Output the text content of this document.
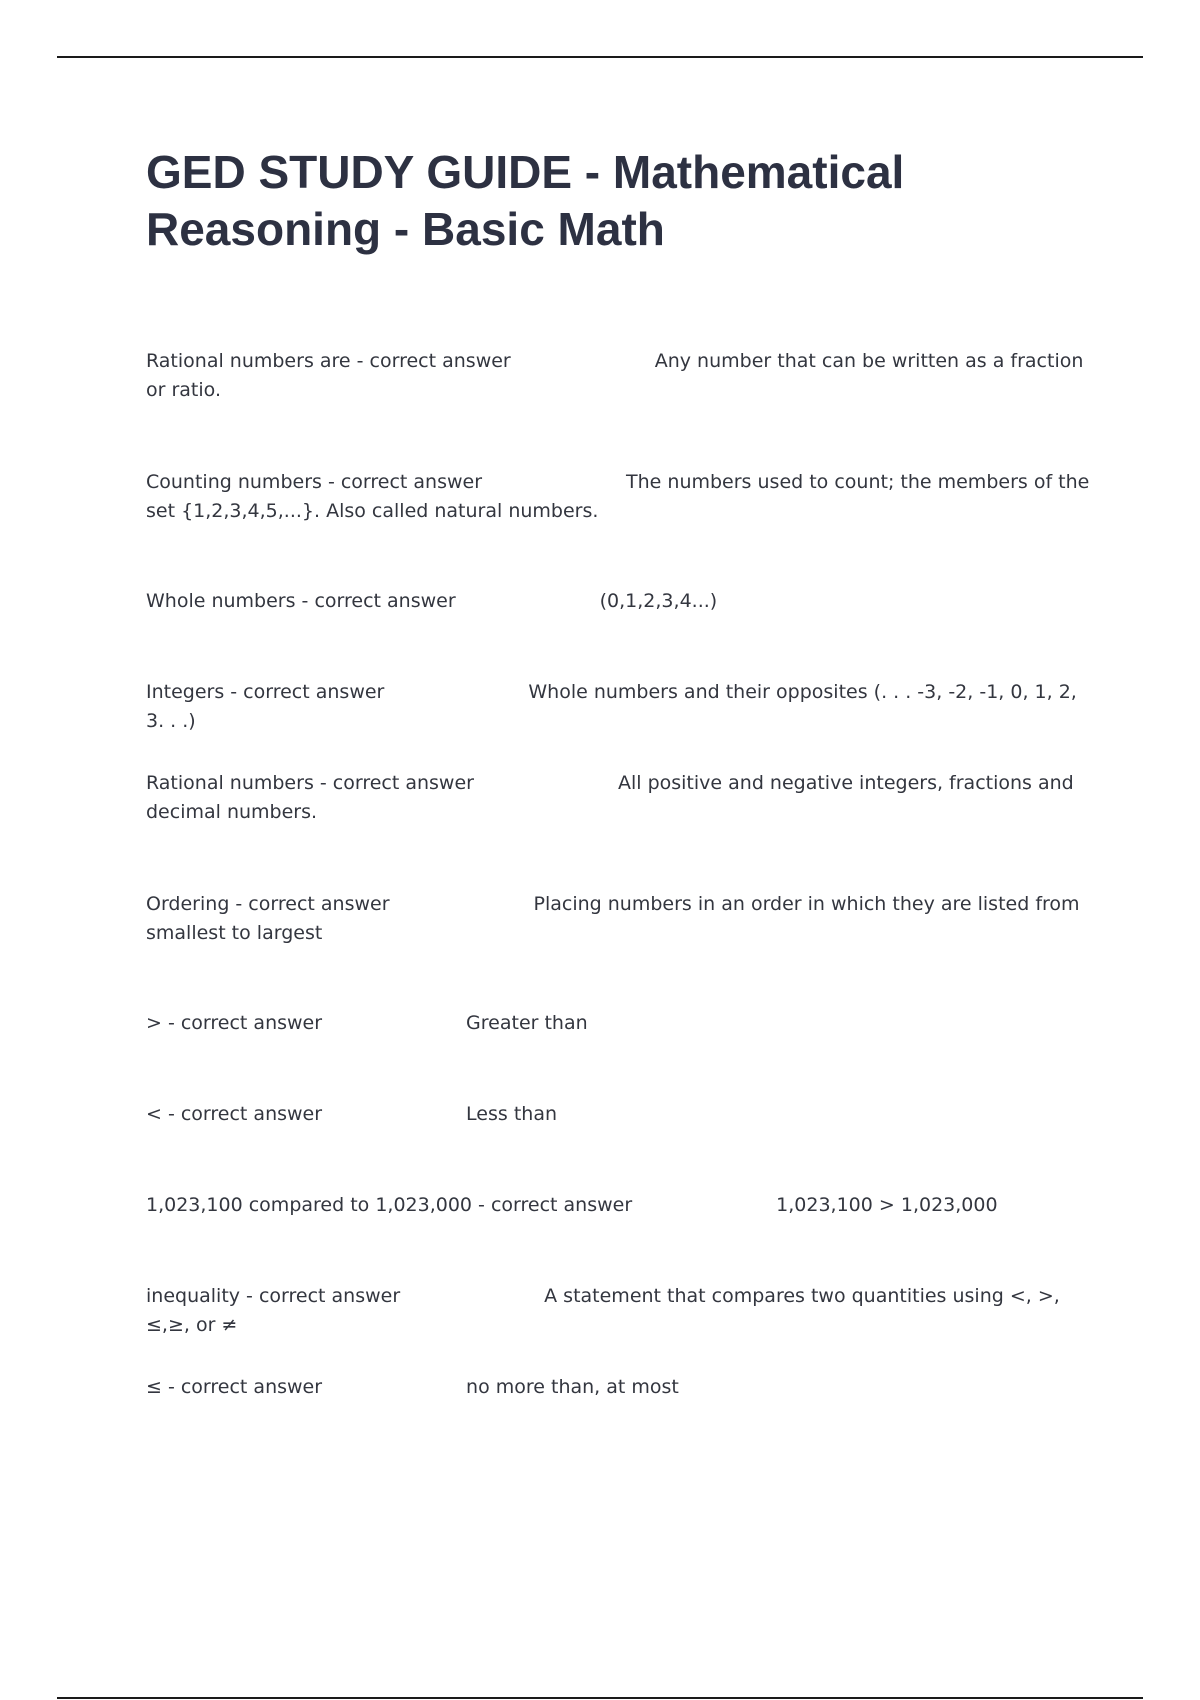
GED STUDY GUIDE - Mathematical Reasoning - Basic Math

Rational numbers are - correct answer	Any number that can be written as a fraction or ratio.

Counting numbers - correct answer	The numbers used to count; the members of the set {1,2,3,4,5,...}. Also called natural numbers.

Whole numbers - correct answer	(0,1,2,3,4...)

Integers - correct answer	Whole numbers and their opposites (. . . -3, -2, -1, 0, 1, 2, 3. . .)

Rational numbers - correct answer	All positive and negative integers, fractions and decimal numbers.

Ordering - correct answer	Placing numbers in an order in which they are listed from smallest to largest

> - correct answer	Greater than

< - correct answer	Less than

1,023,100 compared to 1,023,000 - correct answer	1,023,100 > 1,023,000

inequality - correct answer	A statement that compares two quantities using <, >, ≤,≥, or ≠

≤ - correct answer	no more than, at most
